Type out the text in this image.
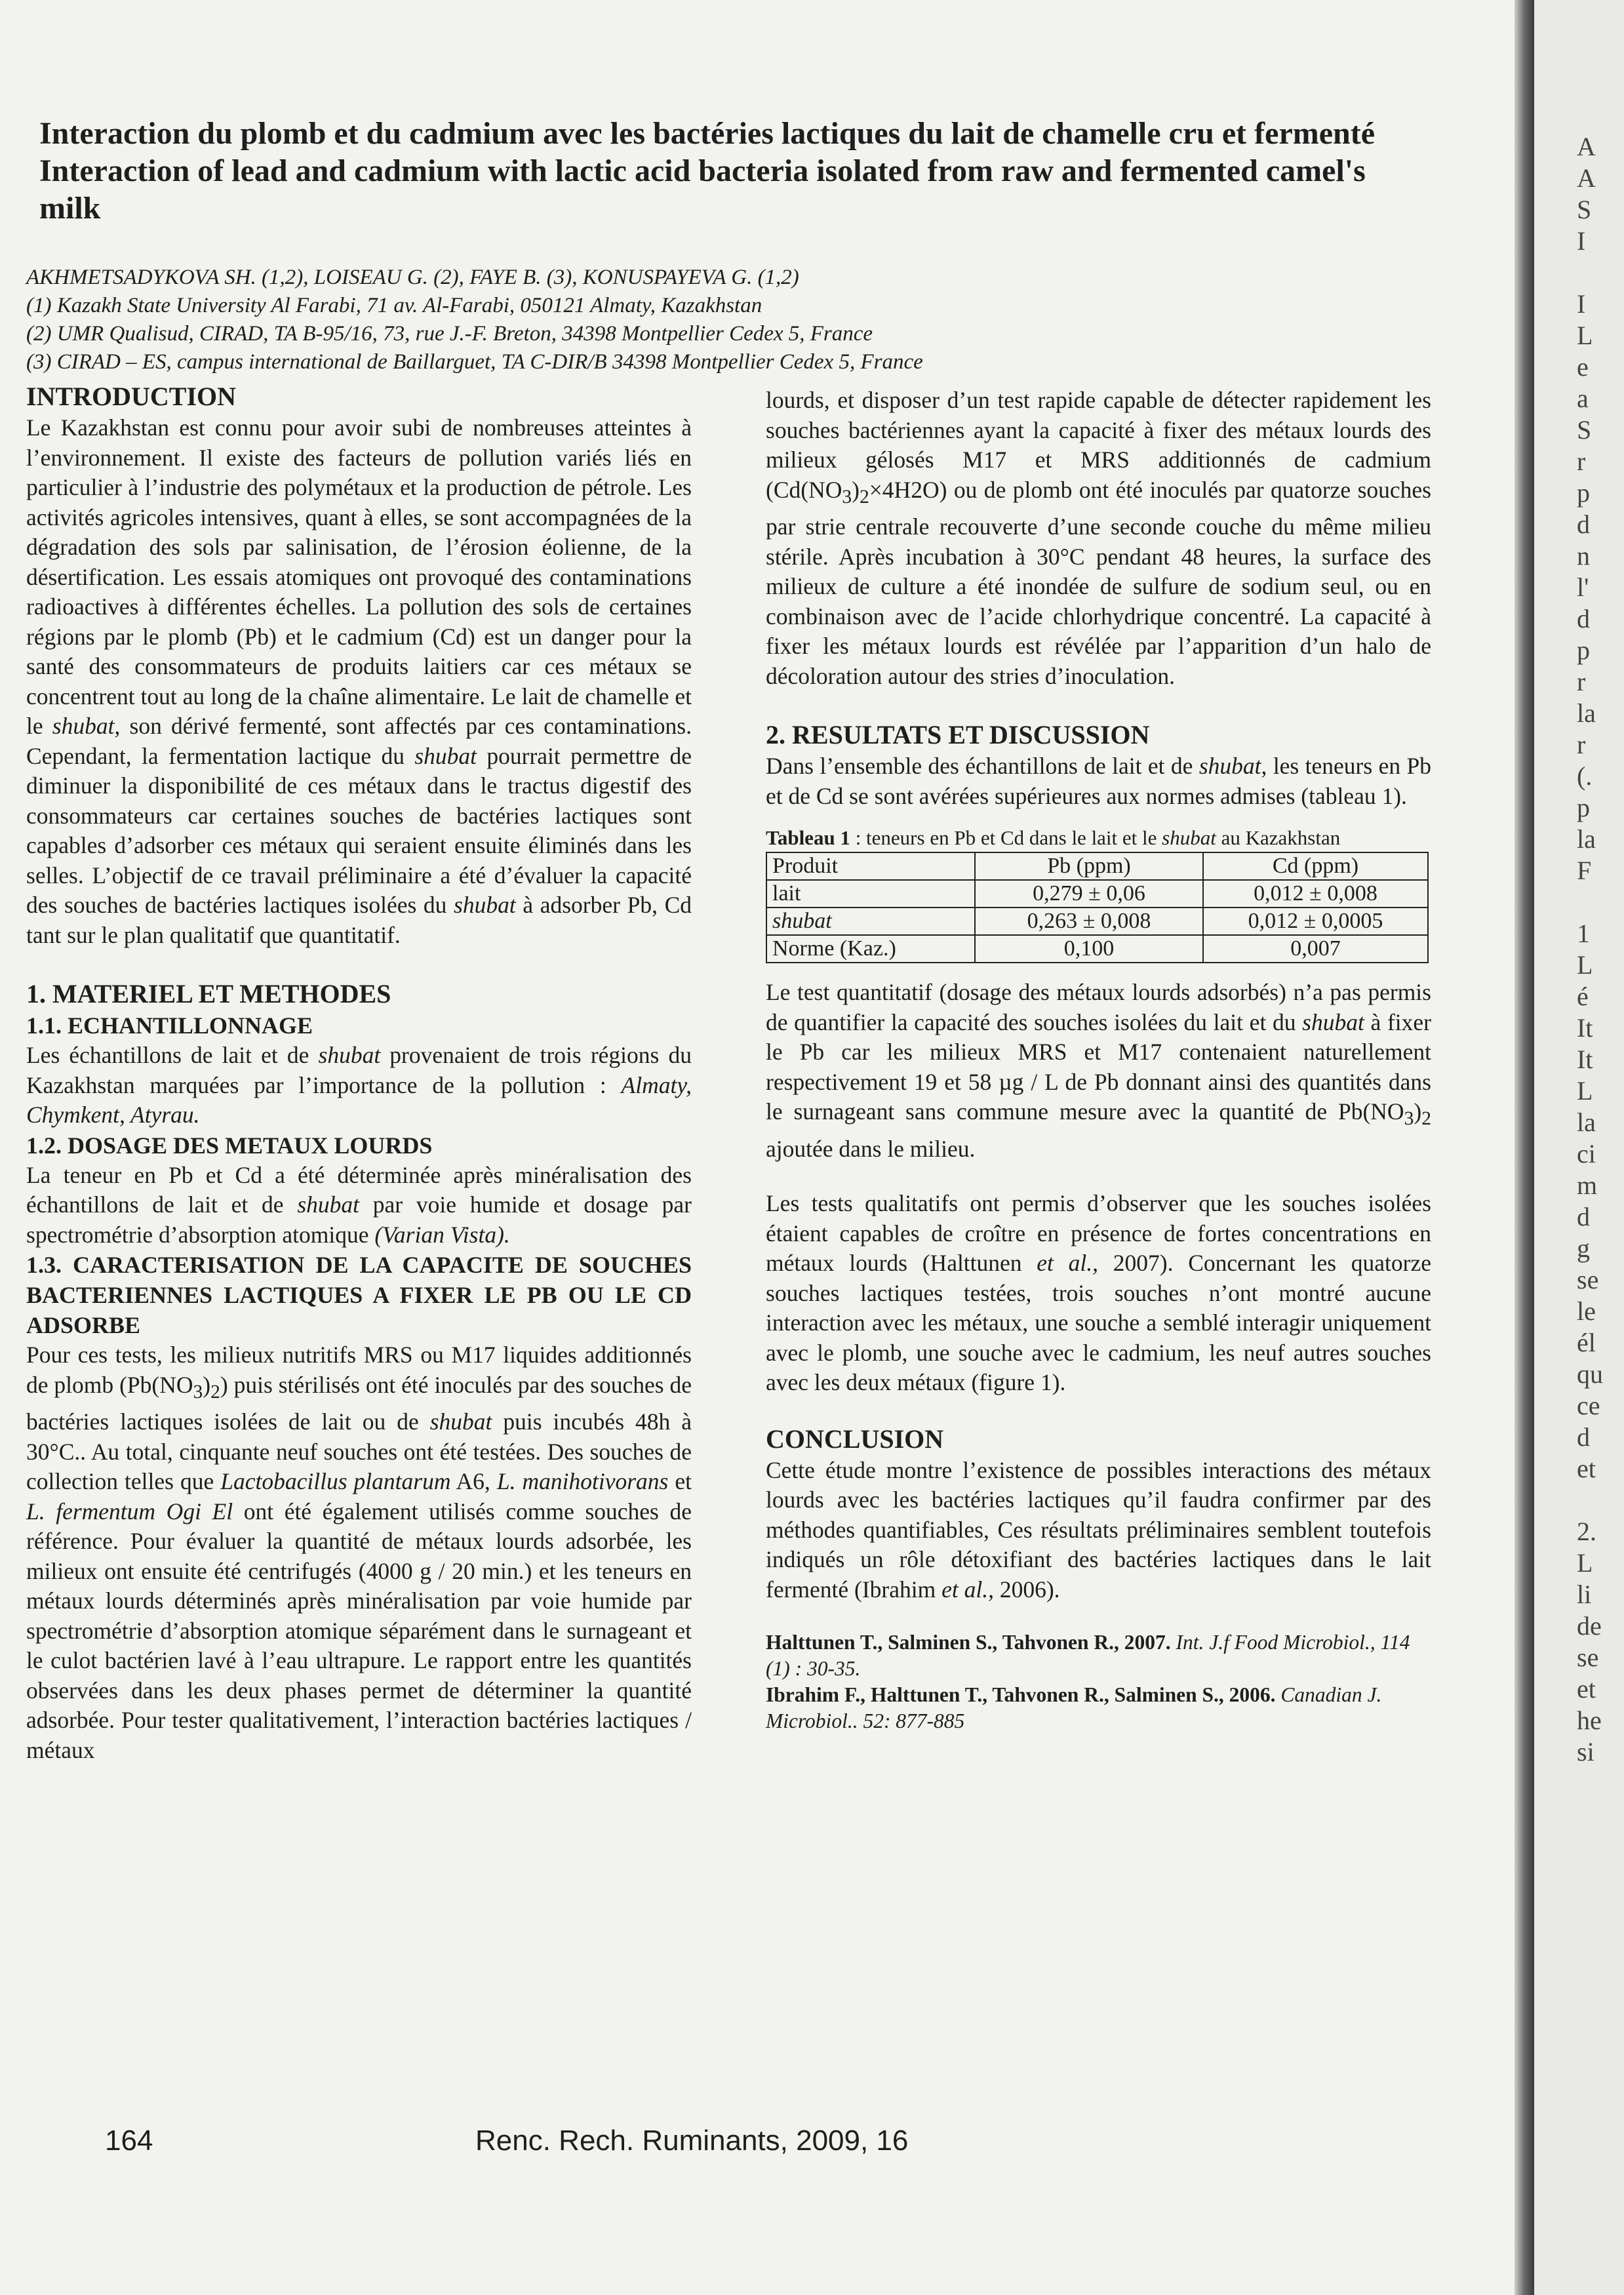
A
A
S
I
I
L
e
a
S
r
p
d
n
l'
d
p
r
la
r
(.
p
la
F
1
L
é
It
It
L
la
ci
m
d
g
se
le
él
qu
ce
d
et
2.
L
li
de
se
et
he
si
Interaction du plomb et du cadmium avec les bactéries lactiques du lait de chamelle cru et fermenté
Interaction of lead and cadmium with lactic acid bacteria isolated from raw and fermented camel's
milk
AKHMETSADYKOVA SH. (1,2), LOISEAU G. (2), FAYE B. (3), KONUSPAYEVA G. (1,2)
(1) Kazakh State University Al Farabi, 71 av. Al-Farabi, 050121 Almaty, Kazakhstan
(2) UMR Qualisud, CIRAD, TA B-95/16, 73, rue J.-F. Breton, 34398 Montpellier Cedex 5, France
(3) CIRAD – ES, campus international de Baillarguet, TA C-DIR/B 34398 Montpellier Cedex 5, France
INTRODUCTION

Le Kazakhstan est connu pour avoir subi de nombreuses atteintes à l’environnement. Il existe des facteurs de pollution variés liés en particulier à l’industrie des polymétaux et la production de pétrole. Les activités agricoles intensives, quant à elles, se sont accompagnées de la dégradation des sols par salinisation, de l’érosion éolienne, de la désertification. Les essais atomiques ont provoqué des contaminations radioactives à différentes échelles. La pollution des sols de certaines régions par le plomb (Pb) et le cadmium (Cd) est un danger pour la santé des consommateurs de produits laitiers car ces métaux se concentrent tout au long de la chaîne alimentaire. Le lait de chamelle et le shubat, son dérivé fermenté, sont affectés par ces contaminations. Cependant, la fermentation lactique du shubat pourrait permettre de diminuer la disponibilité de ces métaux dans le tractus digestif des consommateurs car certaines souches de bactéries lactiques sont capables d’adsorber ces métaux qui seraient ensuite éliminés dans les selles. L’objectif de ce travail préliminaire a été d’évaluer la capacité des souches de bactéries lactiques isolées du shubat à adsorber Pb, Cd tant sur le plan qualitatif que quantitatif.

1. MATERIEL ET METHODES
1.1. ECHANTILLONNAGE

Les échantillons de lait et de shubat provenaient de trois régions du Kazakhstan marquées par l’importance de la pollution : Almaty, Chymkent, Atyrau.

1.2. DOSAGE DES METAUX LOURDS

La teneur en Pb et Cd a été déterminée après minéralisation des échantillons de lait et de shubat par voie humide et dosage par spectrométrie d’absorption atomique (Varian Vista).

1.3. CARACTERISATION DE LA CAPACITE DE SOUCHES BACTERIENNES LACTIQUES A FIXER LE PB OU LE CD ADSORBE

Pour ces tests, les milieux nutritifs MRS ou M17 liquides additionnés de plomb $(Pb(NO_3)_2)$ puis stérilisés ont été inoculés par des souches de bactéries lactiques isolées de lait ou de shubat puis incubés 48h à 30°C.. Au total, cinquante neuf souches ont été testées. Des souches de collection telles que Lactobacillus plantarum A6, L. manihotivorans et L. fermentum Ogi El ont été également utilisés comme souches de référence. Pour évaluer la quantité de métaux lourds adsorbée, les milieux ont ensuite été centrifugés (4000 g / 20 min.) et les teneurs en métaux lourds déterminés après minéralisation par voie humide par spectrométrie d’absorption atomique séparément dans le surnageant et le culot bactérien lavé à l’eau ultrapure. Le rapport entre les quantités observées dans les deux phases permet de déterminer la quantité adsorbée. Pour tester qualitativement, l’interaction bactéries lactiques / métaux

lourds, et disposer d’un test rapide capable de détecter rapidement les souches bactériennes ayant la capacité à fixer des métaux lourds des milieux gélosés M17 et MRS additionnés de cadmium $(Cd(NO_3)_2\times 4H2O)$ ou de plomb ont été inoculés par quatorze souches par strie centrale recouverte d’une seconde couche du même milieu stérile. Après incubation à 30°C pendant 48 heures, la surface des milieux de culture a été inondée de sulfure de sodium seul, ou en combinaison avec de l’acide chlorhydrique concentré. La capacité à fixer les métaux lourds est révélée par l’apparition d’un halo de décoloration autour des stries d’inoculation.

2. RESULTATS ET DISCUSSION

Dans l’ensemble des échantillons de lait et de shubat, les teneurs en Pb et de Cd se sont avérées supérieures aux normes admises (tableau 1).

Tableau 1 : teneurs en Pb et Cd dans le lait et le shubat au Kazakhstan
Produit	Pb (ppm)	Cd (ppm)
lait	0,279 ± 0,06	0,012 ± 0,008
shubat	0,263 ± 0,008	0,012 ± 0,0005
Norme (Kaz.)	0,100	0,007

Le test quantitatif (dosage des métaux lourds adsorbés) n’a pas permis de quantifier la capacité des souches isolées du lait et du shubat à fixer le Pb car les milieux MRS et M17 contenaient naturellement respectivement 19 et 58 µg / L de Pb donnant ainsi des quantités dans le surnageant sans commune mesure avec la quantité de $Pb(NO_3)_2$ ajoutée dans le milieu.

Les tests qualitatifs ont permis d’observer que les souches isolées étaient capables de croître en présence de fortes concentrations en métaux lourds (Halttunen et al., 2007). Concernant les quatorze souches lactiques testées, trois souches n’ont montré aucune interaction avec les métaux, une souche a semblé interagir uniquement avec le plomb, une souche avec le cadmium, les neuf autres souches avec les deux métaux (figure 1).

CONCLUSION

Cette étude montre l’existence de possibles interactions des métaux lourds avec les bactéries lactiques qu’il faudra confirmer par des méthodes quantifiables, Ces résultats préliminaires semblent toutefois indiqués un rôle détoxifiant des bactéries lactiques dans le lait fermenté (Ibrahim et al., 2006).

Halttunen T., Salminen S., Tahvonen R., 2007. Int. J.f Food Microbiol., 114 (1) : 30-35.
Ibrahim F., Halttunen T., Tahvonen R., Salminen S., 2006. Canadian J. Microbiol.. 52: 877-885
164	Renc. Rech. Ruminants, 2009, 16
